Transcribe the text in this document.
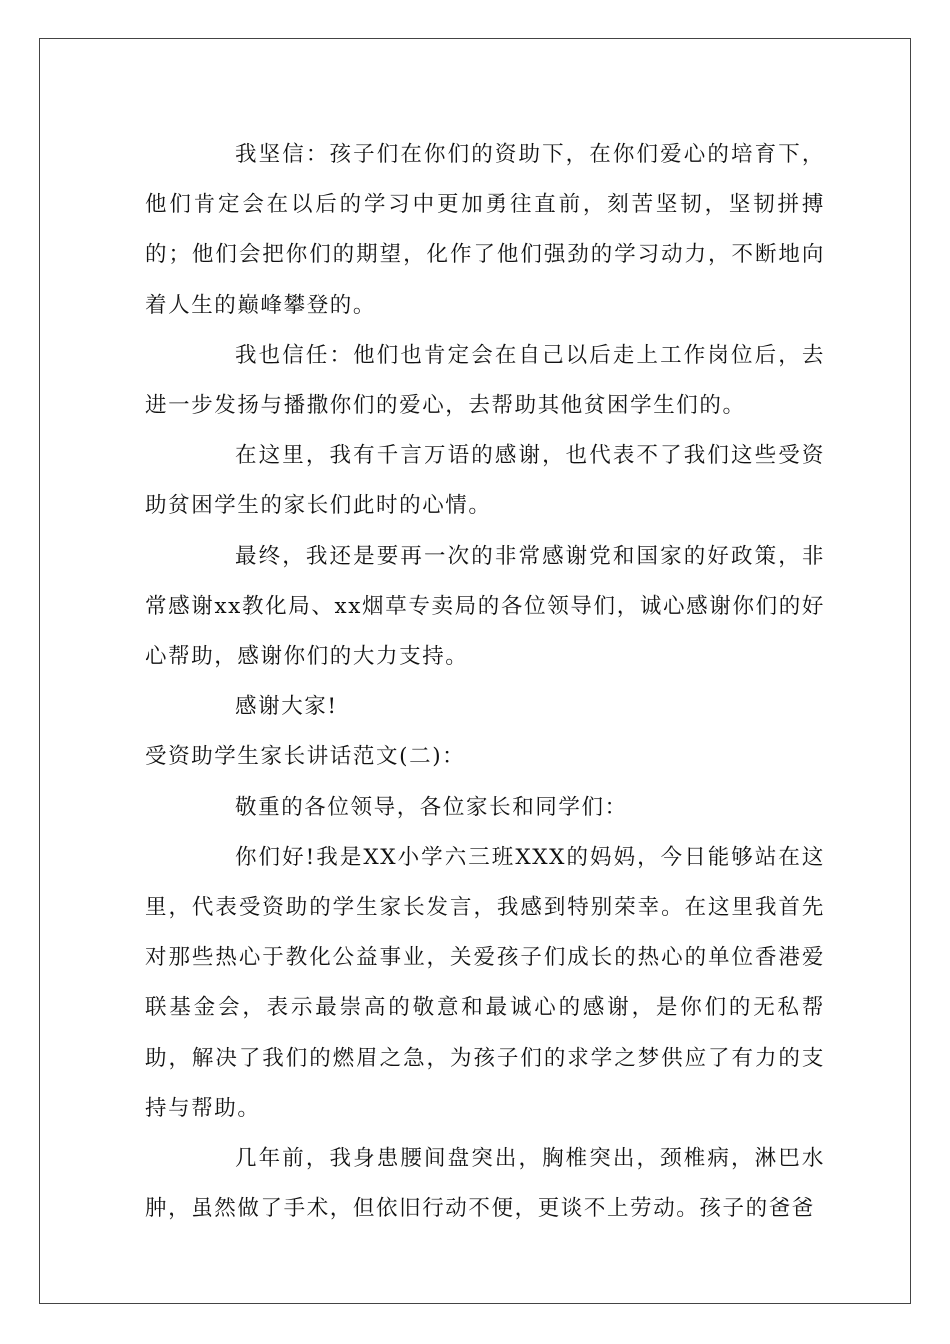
我坚信：孩子们在你们的资助下，在你们爱心的培育下，他们肯定会在以后的学习中更加勇往直前，刻苦坚韧，坚韧拼搏的；他们会把你们的期望，化作了他们强劲的学习动力，不断地向着人生的巅峰攀登的。

我也信任：他们也肯定会在自己以后走上工作岗位后，去进一步发扬与播撒你们的爱心，去帮助其他贫困学生们的。

在这里，我有千言万语的感谢，也代表不了我们这些受资助贫困学生的家长们此时的心情。

最终，我还是要再一次的非常感谢党和国家的好政策，非常感谢xx教化局、xx烟草专卖局的各位领导们，诚心感谢你们的好心帮助，感谢你们的大力支持。

感谢大家!

受资助学生家长讲话范文(二)：

敬重的各位领导，各位家长和同学们：

你们好!我是XX小学六三班XXX的妈妈，今日能够站在这里，代表受资助的学生家长发言，我感到特别荣幸。在这里我首先对那些热心于教化公益事业，关爱孩子们成长的热心的单位香港爱联基金会，表示最崇高的敬意和最诚心的感谢，是你们的无私帮助，解决了我们的燃眉之急，为孩子们的求学之梦供应了有力的支持与帮助。

几年前，我身患腰间盘突出，胸椎突出，颈椎病，淋巴水肿，虽然做了手术，但依旧行动不便，更谈不上劳动。孩子的爸爸
